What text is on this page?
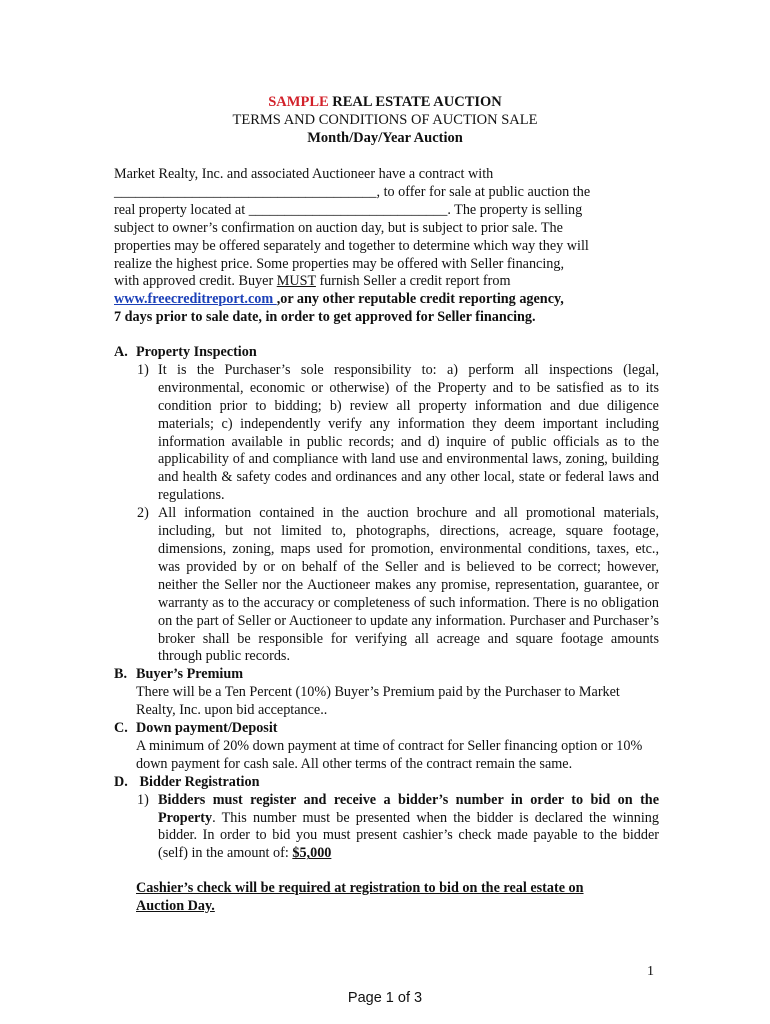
SAMPLE REAL ESTATE AUCTION
TERMS AND CONDITIONS OF AUCTION SALE
Month/Day/Year Auction
Market Realty, Inc. and associated Auctioneer have a contract with
_____________________________________, to offer for sale at public auction the
real property located at ____________________________. The property is selling
subject to owner’s confirmation on auction day, but is subject to prior sale. The
properties may be offered separately and together to determine which way they will
realize the highest price. Some properties may be offered with Seller financing,
with approved credit. Buyer MUST furnish Seller a credit report from
www.freecreditreport.com ,or any other reputable credit reporting agency,
7 days prior to sale date, in order to get approved for Seller financing.
A. Property Inspection
1) It is the Purchaser’s sole responsibility to: a) perform all inspections (legal, environmental, economic or otherwise) of the Property and to be satisfied as to its condition prior to bidding; b) review all property information and due diligence materials; c) independently verify any information they deem important including information available in public records; and d) inquire of public officials as to the applicability of and compliance with land use and environmental laws, zoning, building and health & safety codes and ordinances and any other local, state or federal laws and regulations.
2) All information contained in the auction brochure and all promotional materials, including, but not limited to, photographs, directions, acreage, square footage, dimensions, zoning, maps used for promotion, environmental conditions, taxes, etc., was provided by or on behalf of the Seller and is believed to be correct; however, neither the Seller nor the Auctioneer makes any promise, representation, guarantee, or warranty as to the accuracy or completeness of such information. There is no obligation on the part of Seller or Auctioneer to update any information. Purchaser and Purchaser’s broker shall be responsible for verifying all acreage and square footage amounts through public records.
B. Buyer’s Premium
There will be a Ten Percent (10%) Buyer’s Premium paid by the Purchaser to Market Realty, Inc. upon bid acceptance..
C. Down payment/Deposit
A minimum of 20% down payment at time of contract for Seller financing option or 10% down payment for cash sale. All other terms of the contract remain the same.
D. Bidder Registration
1) Bidders must register and receive a bidder’s number in order to bid on the Property. This number must be presented when the bidder is declared the winning bidder. In order to bid you must present cashier’s check made payable to the bidder (self) in the amount of: $5,000
Cashier’s check will be required at registration to bid on the real estate on
Auction Day.
1
Page 1 of 3
